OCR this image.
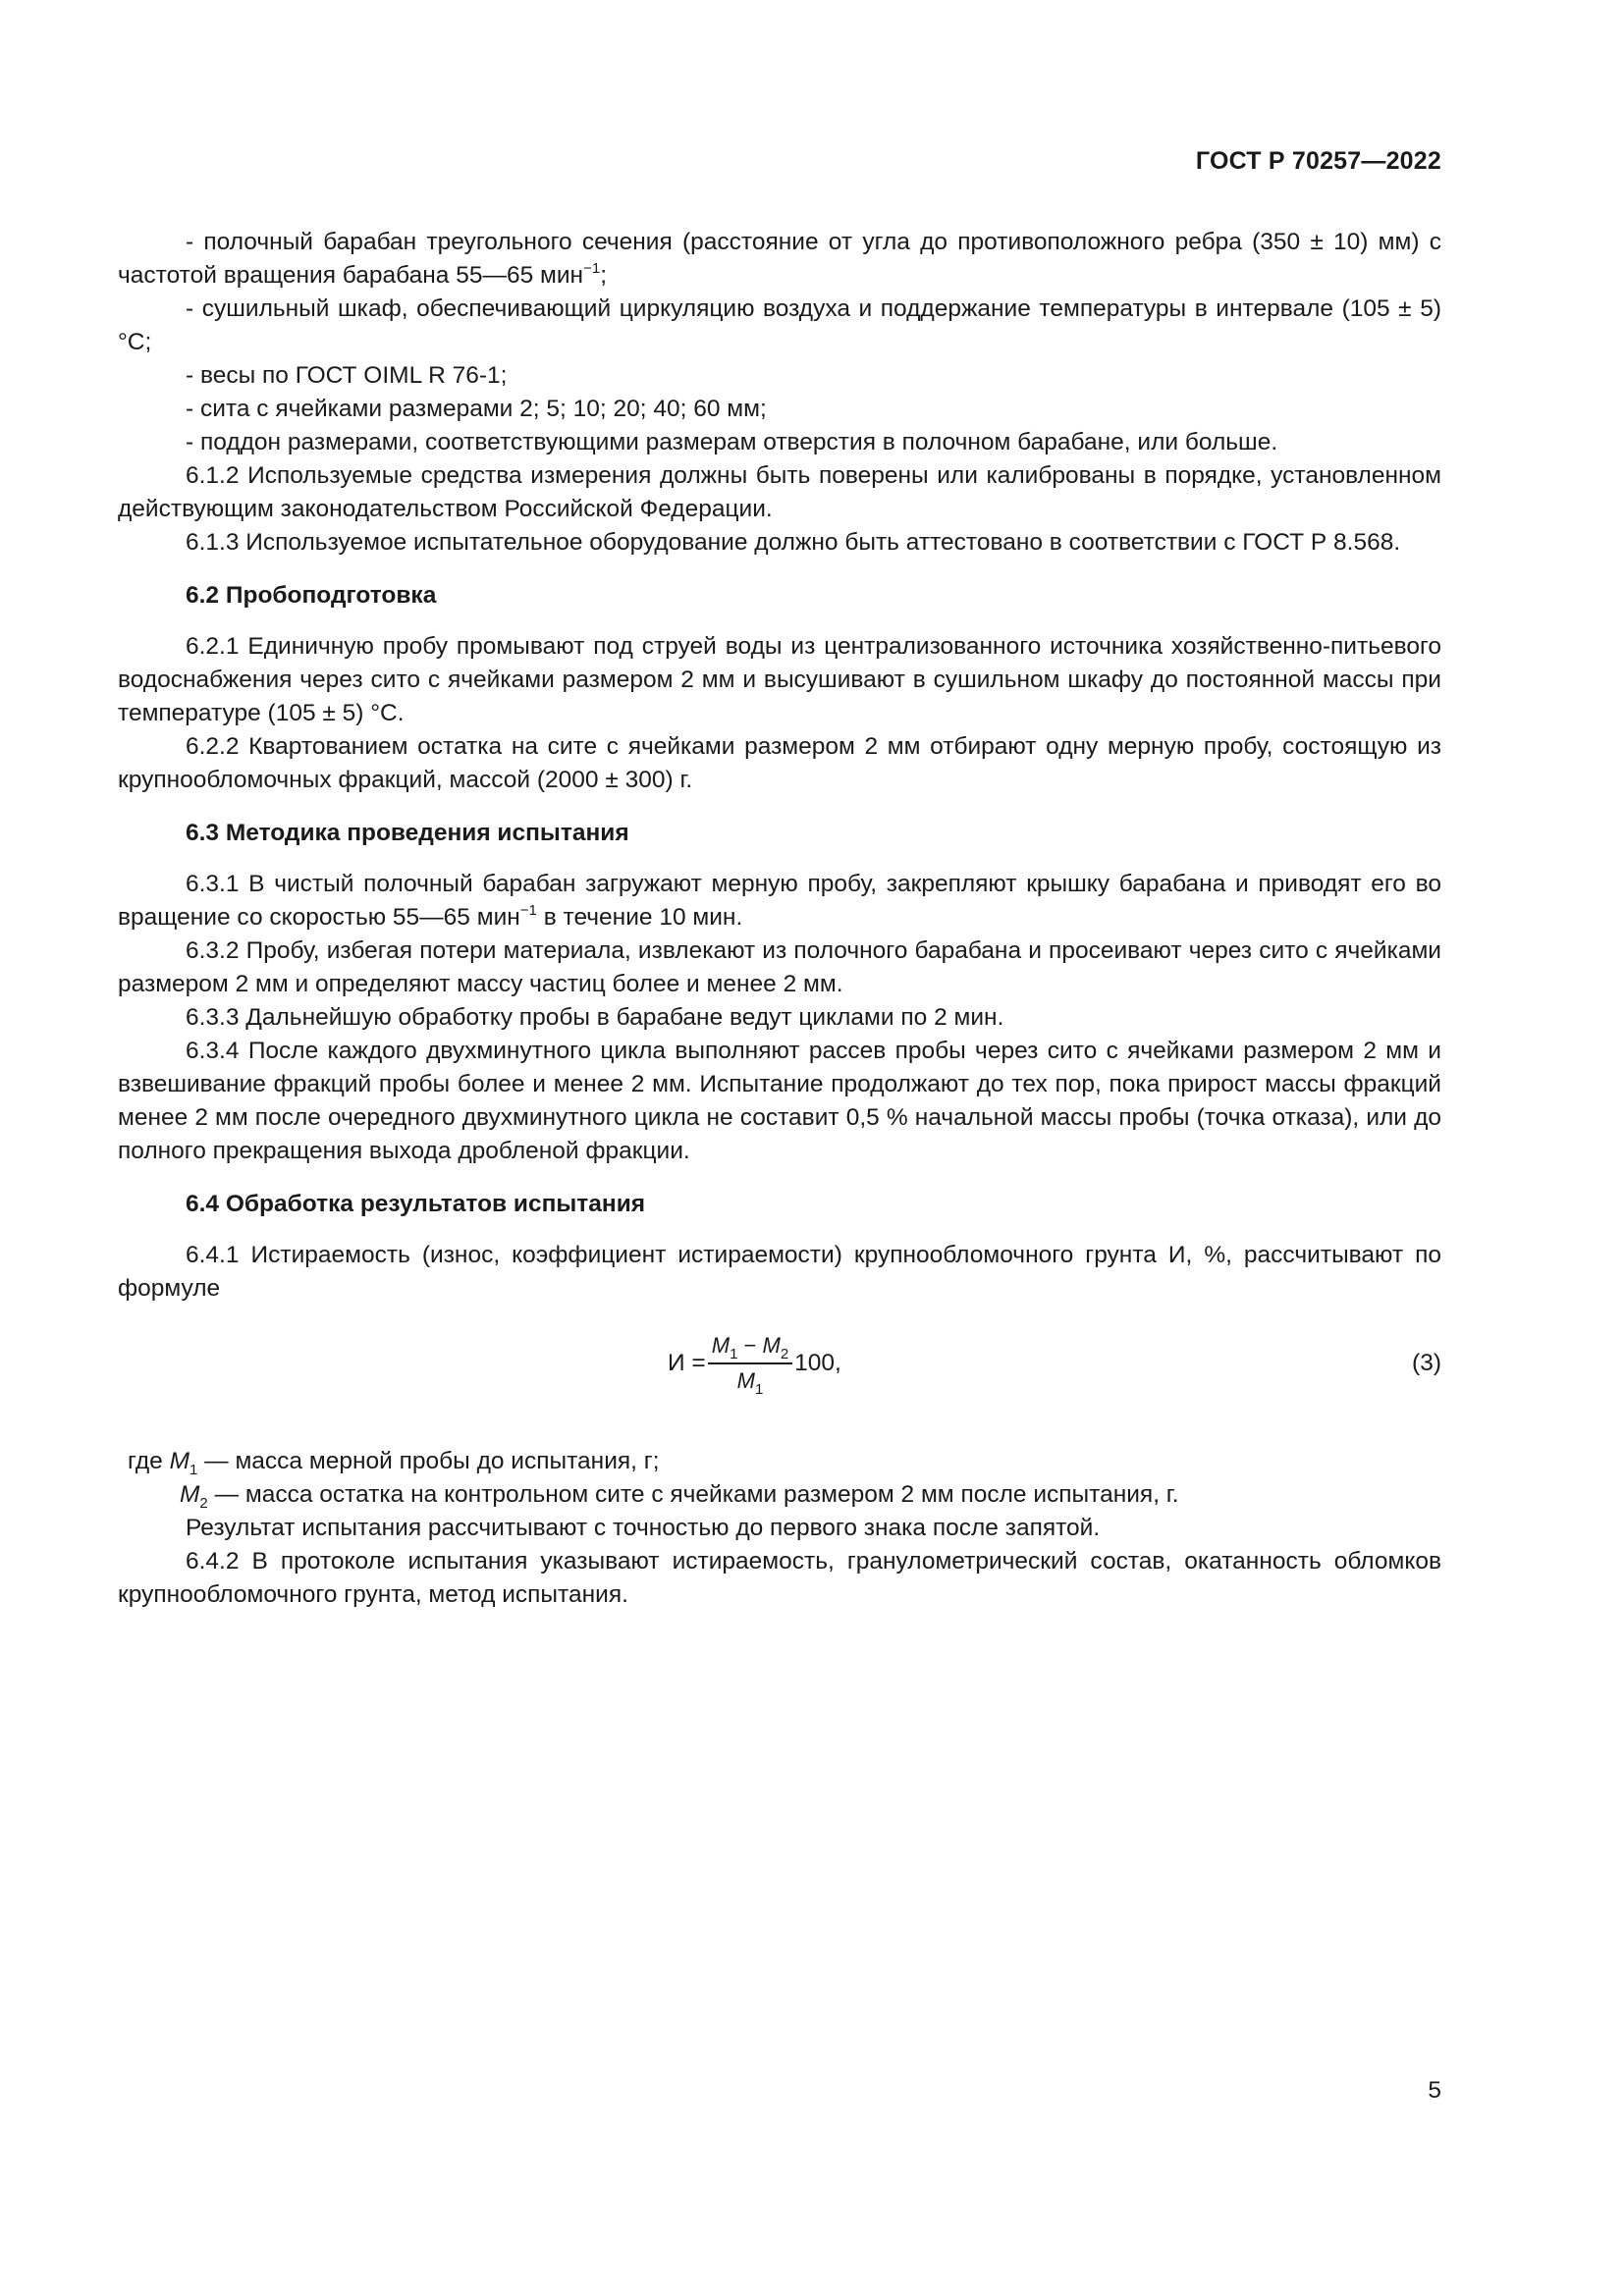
ГОСТ Р 70257—2022

- полочный барабан треугольного сечения (расстояние от угла до противоположного ребра (350 ± 10) мм) с частотой вращения барабана 55—65 мин$^{-1}$;

- сушильный шкаф, обеспечивающий циркуляцию воздуха и поддержание температуры в интервале (105 ± 5) °С;

- весы по ГОСТ OIML R 76-1;

- сита с ячейками размерами 2; 5; 10; 20; 40; 60 мм;

- поддон размерами, соответствующими размерам отверстия в полочном барабане, или больше.

6.1.2 Используемые средства измерения должны быть поверены или калиброваны в порядке, установленном действующим законодательством Российской Федерации.

6.1.3 Используемое испытательное оборудование должно быть аттестовано в соответствии с ГОСТ Р 8.568.

6.2 Пробоподготовка

6.2.1 Единичную пробу промывают под струей воды из централизованного источника хозяйственно-питьевого водоснабжения через сито с ячейками размером 2 мм и высушивают в сушильном шкафу до постоянной массы при температуре (105 ± 5) °С.

6.2.2 Квартованием остатка на сите с ячейками размером 2 мм отбирают одну мерную пробу, состоящую из крупнообломочных фракций, массой (2000 ± 300) г.

6.3 Методика проведения испытания

6.3.1 В чистый полочный барабан загружают мерную пробу, закрепляют крышку барабана и приводят его во вращение со скоростью 55—65 мин$^{-1}$ в течение 10 мин.

6.3.2 Пробу, избегая потери материала, извлекают из полочного барабана и просеивают через сито с ячейками размером 2 мм и определяют массу частиц более и менее 2 мм.

6.3.3 Дальнейшую обработку пробы в барабане ведут циклами по 2 мин.

6.3.4 После каждого двухминутного цикла выполняют рассев пробы через сито с ячейками размером 2 мм и взвешивание фракций пробы более и менее 2 мм. Испытание продолжают до тех пор, пока прирост массы фракций менее 2 мм после очередного двухминутного цикла не составит 0,5 % начальной массы пробы (точка отказа), или до полного прекращения выхода дробленой фракции.

6.4 Обработка результатов испытания

6.4.1 Истираемость (износ, коэффициент истираемости) крупнообломочного грунта И, %, рассчитывают по формуле

$И = \frac{M_1 - M_2}{M_1} 100$,	(3)

где $M_1$ — масса мерной пробы до испытания, г;

$M_2$ — масса остатка на контрольном сите с ячейками размером 2 мм после испытания, г.

Результат испытания рассчитывают с точностью до первого знака после запятой.

6.4.2 В протоколе испытания указывают истираемость, гранулометрический состав, окатанность обломков крупнообломочного грунта, метод испытания.

5
